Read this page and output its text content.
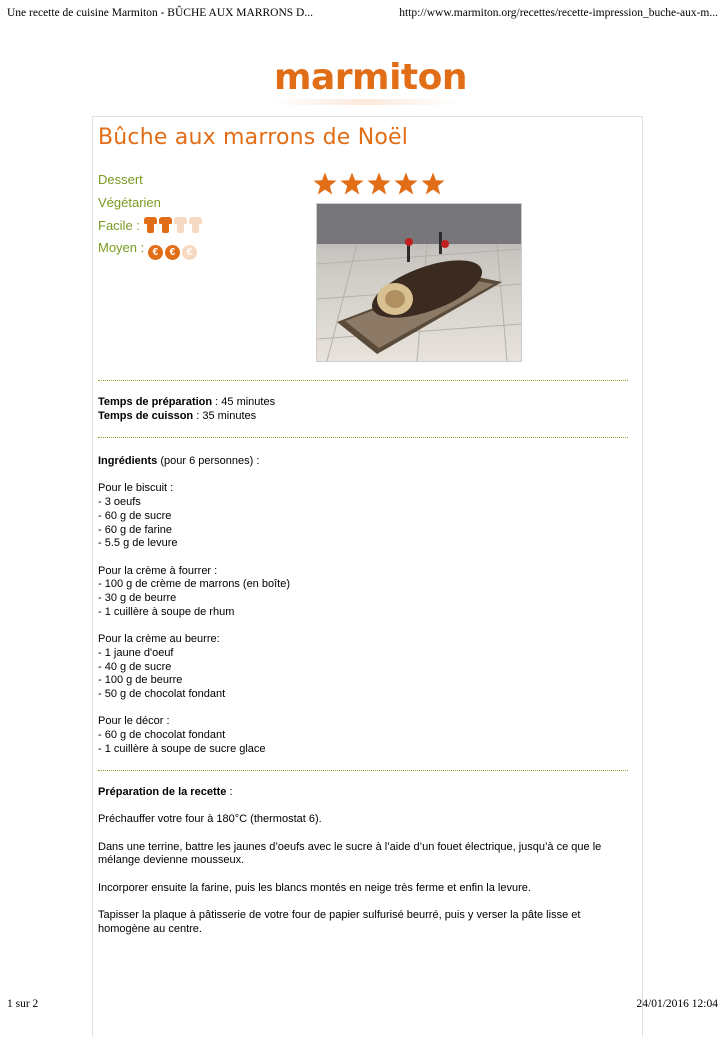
Une recette de cuisine Marmiton - BÛCHE AUX MARRONS D...	http://www.marmiton.org/recettes/recette-impression_buche-aux-m...
marmiton
Bûche aux marrons de Noël
Dessert
Végétarien
Facile :
Moyen : € € €
Temps de préparation : 45 minutes
Temps de cuisson : 35 minutes
Ingrédients (pour 6 personnes) :
Pour le biscuit :
- 3 oeufs
- 60 g de sucre
- 60 g de farine
- 5.5 g de levure
Pour la crème à fourrer :
- 100 g de crème de marrons (en boîte)
- 30 g de beurre
- 1 cuillère à soupe de rhum
Pour la crème au beurre:
- 1 jaune d'oeuf
- 40 g de sucre
- 100 g de beurre
- 50 g de chocolat fondant
Pour le décor :
- 60 g de chocolat fondant
- 1 cuillère à soupe de sucre glace
Préparation de la recette :
Préchauffer votre four à 180°C (thermostat 6).
Dans une terrine, battre les jaunes d’oeufs avec le sucre à l’aide d’un fouet électrique, jusqu’à ce que le mélange devienne mousseux.
Incorporer ensuite la farine, puis les blancs montés en neige très ferme et enfin la levure.
Tapisser la plaque à pâtisserie de votre four de papier sulfurisé beurré, puis y verser la pâte lisse et homogène au centre.
1 sur 2	24/01/2016 12:04
